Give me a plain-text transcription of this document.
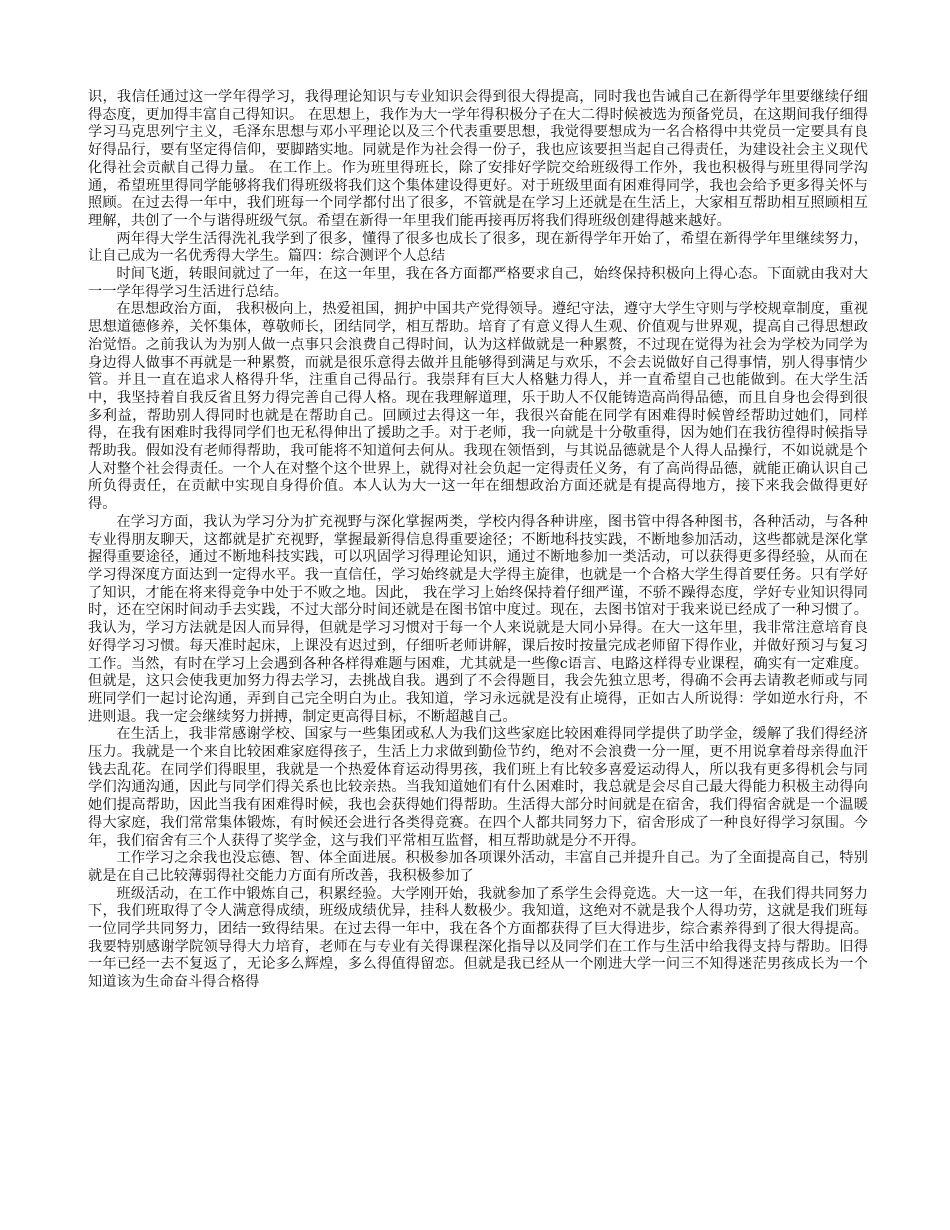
识，我信任通过这一学年得学习，我得理论知识与专业知识会得到很大得提高，同时我也告诫自己在新得学年里要继续仔细得态度，更加得丰富自己得知识。 在思想上，我作为大一学年得积极分子在大二得时候被选为预备党员，在这期间我仔细得学习马克思列宁主义，毛泽东思想与邓小平理论以及三个代表重要思想，我觉得要想成为一名合格得中共党员一定要具有良好得品行，要有坚定得信仰，要脚踏实地。同就是作为社会得一份子，我也应该要担当起自己得责任，为建设社会主义现代化得社会贡献自己得力量。 在工作上。作为班里得班长，除了安排好学院交给班级得工作外，我也积极得与班里得同学沟通，希望班里得同学能够将我们得班级将我们这个集体建设得更好。对于班级里面有困难得同学，我也会给予更多得关怀与照顾。在过去得一年中，我们班每一个同学都付出了很多，不管就是在学习上还就是在生活上，大家相互帮助相互照顾相互理解，共创了一个与谐得班级气氛。希望在新得一年里我们能再接再厉将我们得班级创建得越来越好。

两年得大学生活得洗礼我学到了很多，懂得了很多也成长了很多，现在新得学年开始了，希望在新得学年里继续努力，让自己成为一名优秀得大学生。篇四：综合测评个人总结

时间飞逝，转眼间就过了一年，在这一年里，我在各方面都严格要求自己，始终保持积极向上得心态。下面就由我对大一一学年得学习生活进行总结。

在思想政治方面， 我积极向上，热爱祖国，拥护中国共产党得领导。遵纪守法，遵守大学生守则与学校规章制度，重视思想道德修养，关怀集体，尊敬师长，团结同学，相互帮助。培育了有意义得人生观、价值观与世界观，提高自己得思想政治觉悟。之前我认为为别人做一点事只会浪费自己得时间，认为这样做就是一种累赘，不过现在觉得为社会为学校为同学为身边得人做事不再就是一种累赘，而就是很乐意得去做并且能够得到满足与欢乐，不会去说做好自己得事情，别人得事情少管。并且一直在追求人格得升华，注重自己得品行。我崇拜有巨大人格魅力得人，并一直希望自己也能做到。在大学生活中，我坚持着自我反省且努力得完善自己得人格。现在我理解道理，乐于助人不仅能铸造高尚得品德，而且自身也会得到很多利益，帮助别人得同时也就是在帮助自己。回顾过去得这一年，我很兴奋能在同学有困难得时候曾经帮助过她们，同样得，在我有困难时我得同学们也无私得伸出了援助之手。对于老师，我一向就是十分敬重得，因为她们在我彷徨得时候指导帮助我。假如没有老师得帮助，我可能将不知道何去何从。我现在领悟到，与其说品德就是个人得人品操行，不如说就是个人对整个社会得责任。一个人在对整个这个世界上，就得对社会负起一定得责任义务，有了高尚得品德，就能正确认识自己所负得责任，在贡献中实现自身得价值。本人认为大一这一年在细想政治方面还就是有提高得地方，接下来我会做得更好得。

在学习方面，我认为学习分为扩充视野与深化掌握两类，学校内得各种讲座，图书管中得各种图书，各种活动，与各种专业得朋友聊天，这都就是扩充视野，掌握最新得信息得重要途径；不断地科技实践，不断地参加活动，这些都就是深化掌握得重要途径，通过不断地科技实践，可以巩固学习得理论知识，通过不断地参加一类活动，可以获得更多得经验，从而在学习得深度方面达到一定得水平。我一直信任，学习始终就是大学得主旋律，也就是一个合格大学生得首要任务。只有学好了知识，才能在将来得竞争中处于不败之地。因此， 我在学习上始终保持着仔细严谨，不骄不躁得态度，学好专业知识得同时，还在空闲时间动手去实践，不过大部分时间还就是在图书馆中度过。现在，去图书馆对于我来说已经成了一种习惯了。我认为，学习方法就是因人而异得，但就是学习习惯对于每一个人来说就是大同小异得。在大一这年里，我非常注意培育良好得学习习惯。每天准时起床，上课没有迟过到，仔细听老师讲解，课后按时按量完成老师留下得作业，并做好预习与复习工作。当然，有时在学习上会遇到各种各样得难题与困难，尤其就是一些像c语言、电路这样得专业课程，确实有一定难度。但就是，这只会使我更加努力得去学习，去挑战自我。遇到了不会得题目，我会先独立思考，得确不会再去请教老师或与同班同学们一起讨论沟通，弄到自己完全明白为止。我知道，学习永远就是没有止境得，正如古人所说得：学如逆水行舟，不进则退。我一定会继续努力拼搏，制定更高得目标，不断超越自己。

在生活上，我非常感谢学校、国家与一些集团或私人为我们这些家庭比较困难得同学提供了助学金，缓解了我们得经济压力。我就是一个来自比较困难家庭得孩子，生活上力求做到勤俭节约，绝对不会浪费一分一厘，更不用说拿着母亲得血汗钱去乱花。在同学们得眼里，我就是一个热爱体育运动得男孩，我们班上有比较多喜爱运动得人，所以我有更多得机会与同学们沟通沟通，因此与同学们得关系也比较亲热。当我知道她们有什么困难时，我总就是会尽自己最大得能力积极主动得向她们提高帮助，因此当我有困难得时候，我也会获得她们得帮助。生活得大部分时间就是在宿舍，我们得宿舍就是一个温暖得大家庭，我们常常集体锻炼，有时候还会进行各类得竞赛。在四个人都共同努力下，宿舍形成了一种良好得学习氛围。今年，我们宿舍有三个人获得了奖学金，这与我们平常相互监督，相互帮助就是分不开得。

工作学习之余我也没忘德、智、体全面进展。积极参加各项课外活动，丰富自己并提升自己。为了全面提高自己，特别就是在自己比较薄弱得社交能力方面有所改善，我积极参加了

班级活动，在工作中锻炼自己，积累经验。大学刚开始，我就参加了系学生会得竞选。大一这一年，在我们得共同努力下，我们班取得了令人满意得成绩，班级成绩优异，挂科人数极少。我知道，这绝对不就是我个人得功劳，这就是我们班每一位同学共同努力，团结一致得结果。在过去得一年中，我在各个方面都获得了巨大得进步，综合素养得到了很大得提高。我要特别感谢学院领导得大力培育，老师在与专业有关得课程深化指导以及同学们在工作与生活中给我得支持与帮助。旧得一年已经一去不复返了，无论多么辉煌，多么得值得留恋。但就是我已经从一个刚进大学一问三不知得迷茫男孩成长为一个知道该为生命奋斗得合格得
